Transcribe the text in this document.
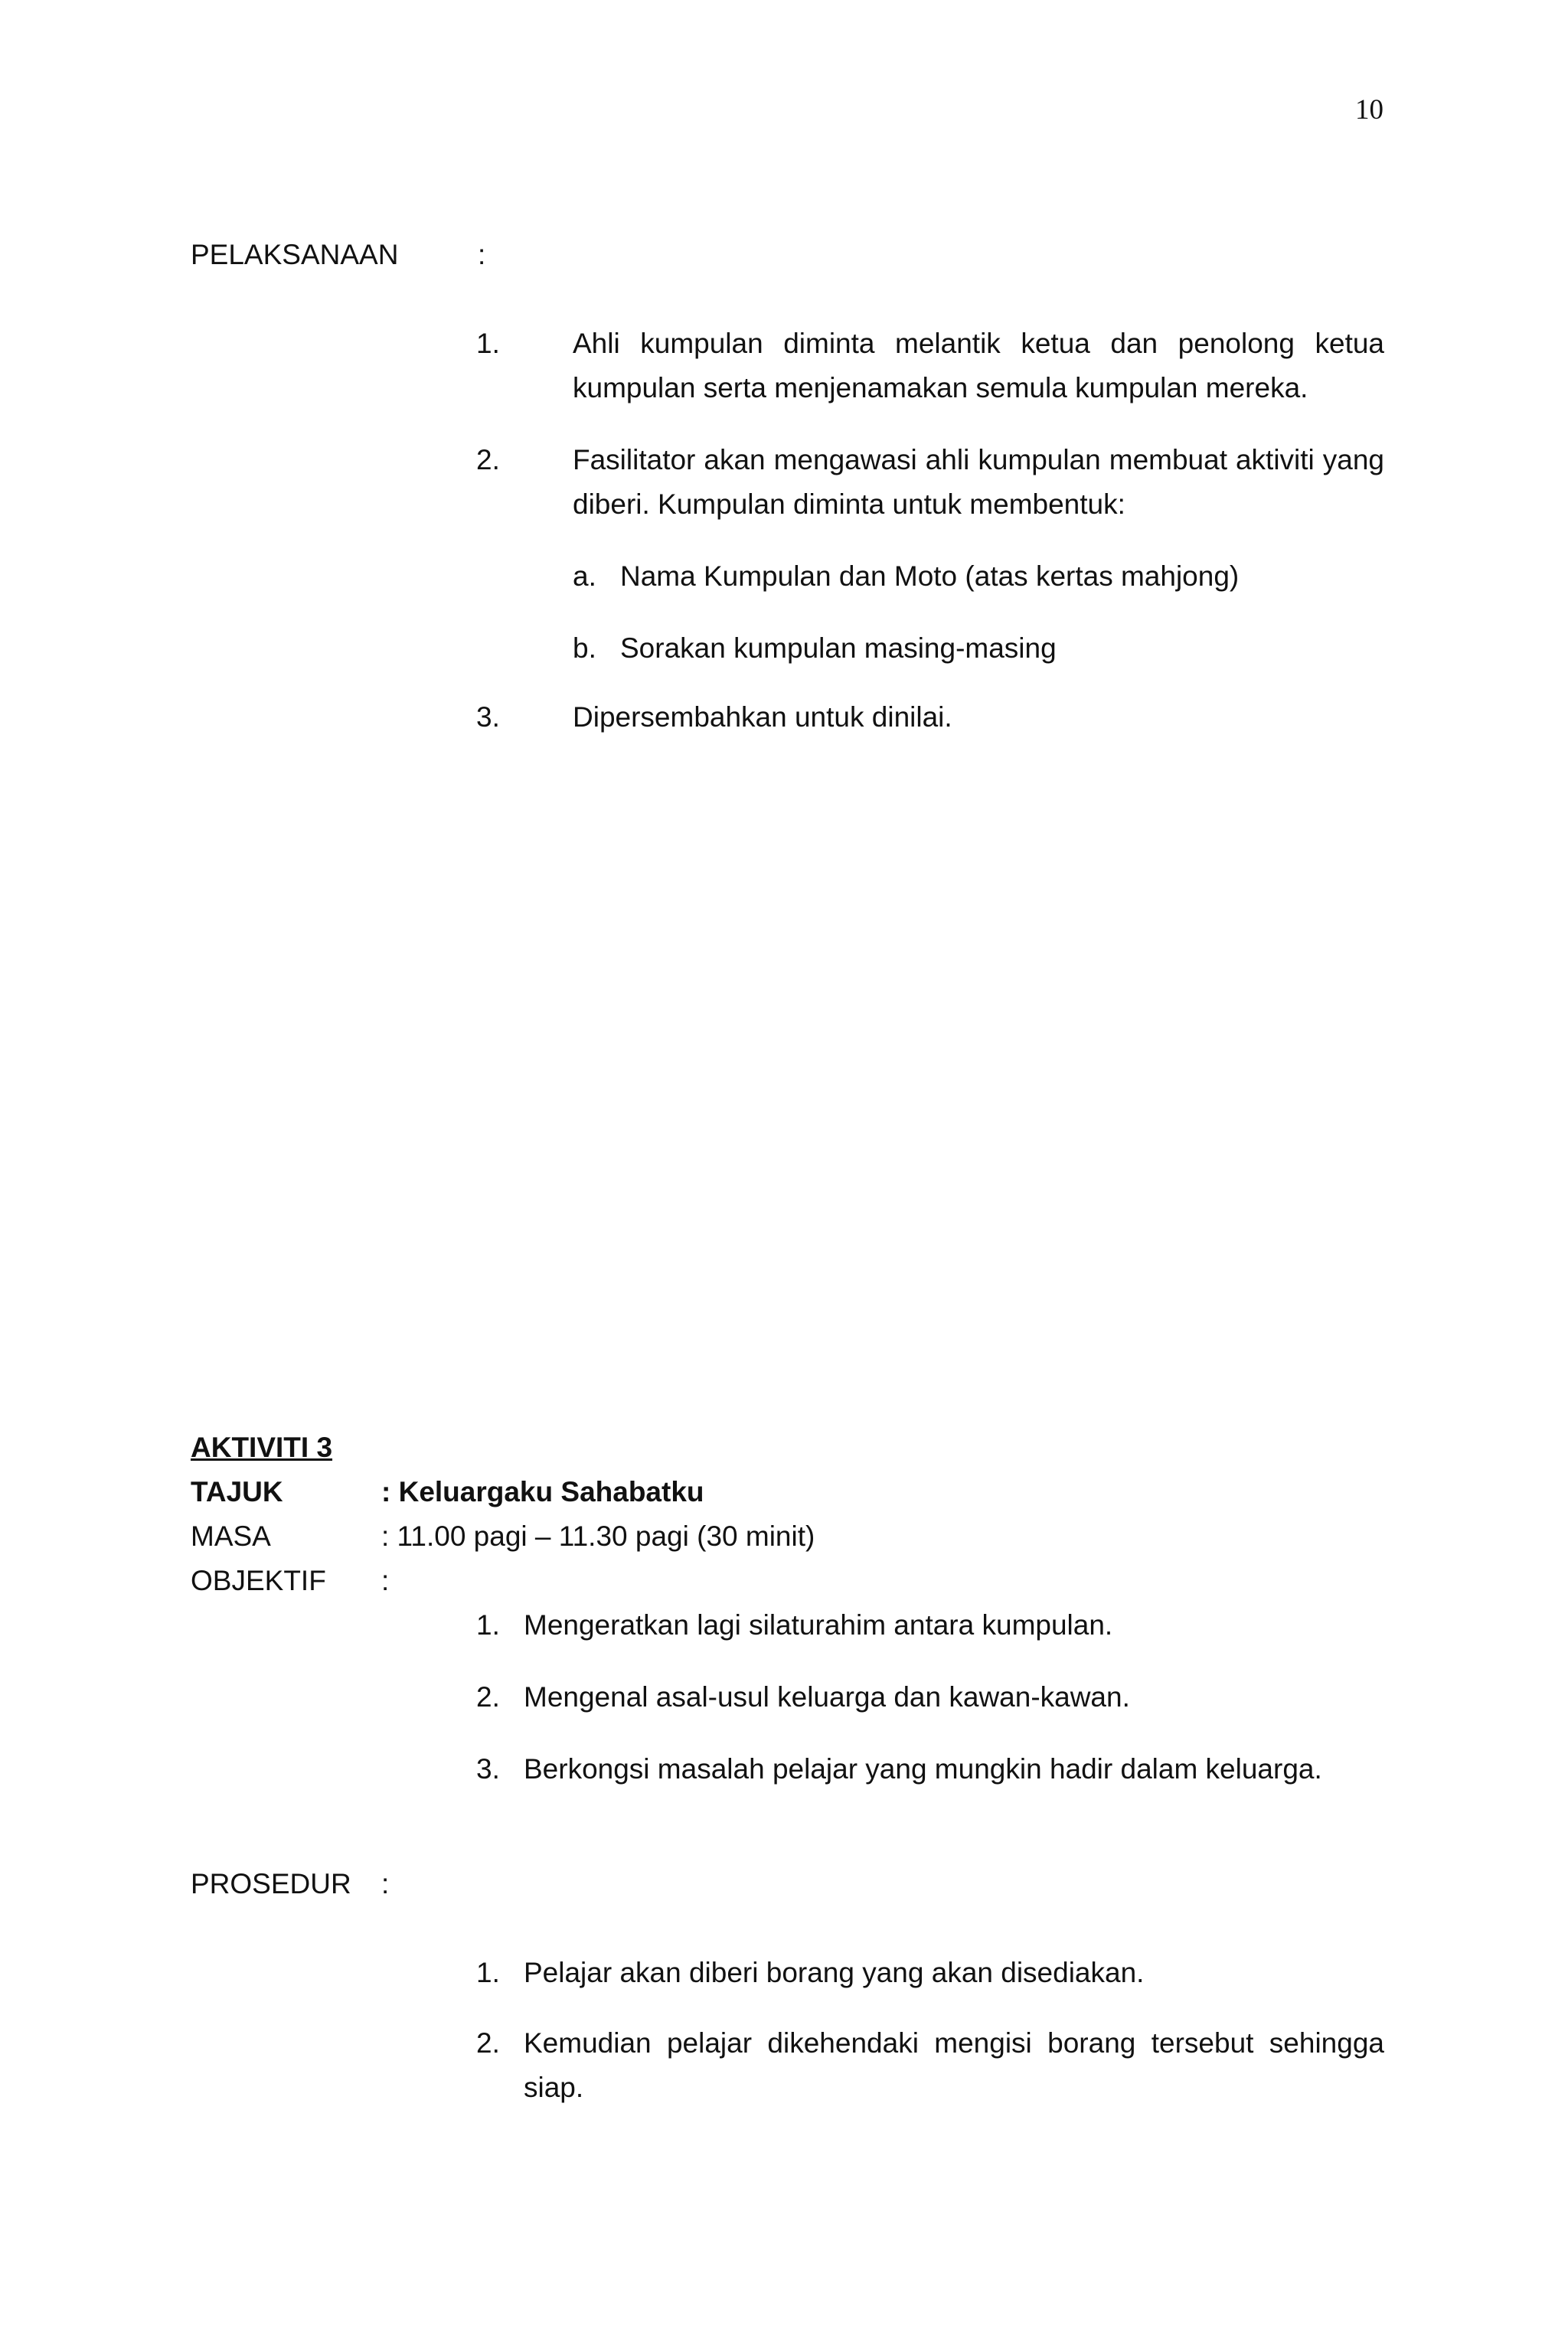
10
PELAKSANAAN	:
1.	Ahli kumpulan diminta melantik ketua dan penolong ketua kumpulan serta menjenamakan semula kumpulan mereka.
2.	Fasilitator akan mengawasi ahli kumpulan membuat aktiviti yang diberi. Kumpulan diminta untuk membentuk:
a. Nama Kumpulan dan Moto (atas kertas mahjong)
b. Sorakan kumpulan masing-masing
3.	Dipersembahkan untuk dinilai.
AKTIVITI 3
TAJUK	: Keluargaku Sahabatku
MASA	: 11.00 pagi – 11.30 pagi (30 minit)
OBJEKTIF :
1. Mengeratkan lagi silaturahim antara kumpulan.
2. Mengenal asal-usul keluarga dan kawan-kawan.
3. Berkongsi masalah pelajar yang mungkin hadir dalam keluarga.
PROSEDUR :
1. Pelajar akan diberi borang yang akan disediakan.
2. Kemudian pelajar dikehendaki mengisi borang tersebut sehingga siap.
